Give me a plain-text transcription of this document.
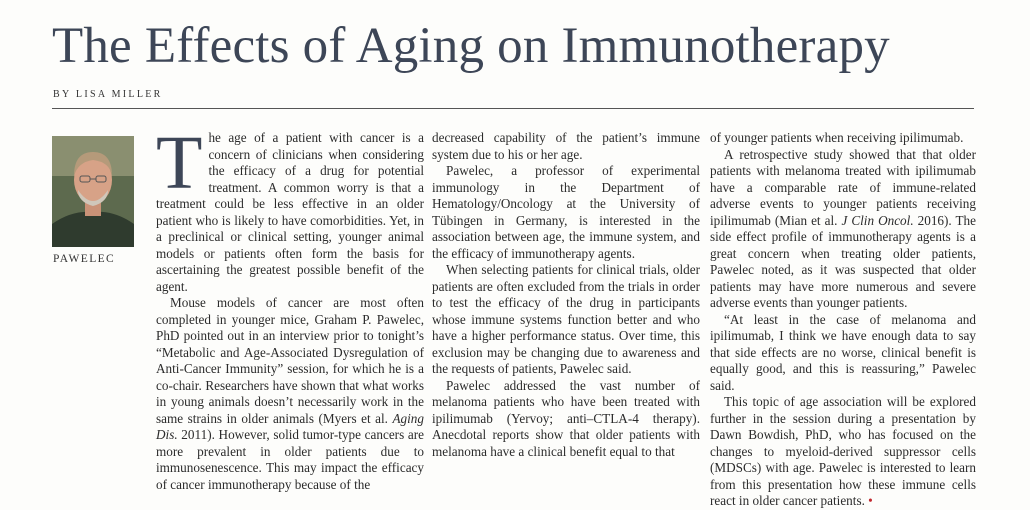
The Effects of Aging on Immunotherapy
BY LISA MILLER
PAWELEC

The age of a patient with cancer is a concern of clinicians when considering the efficacy of a drug for potential treatment. A common worry is that a treatment could be less effective in an older patient who is likely to have comorbidities. Yet, in a preclinical or clinical setting, younger animal models or patients often form the basis for ascertaining the greatest possible benefit of the agent.

Mouse models of cancer are most often completed in younger mice, Graham P. Pawelec, PhD pointed out in an interview prior to tonight’s “Metabolic and Age-Associated Dysregulation of Anti-Cancer Immunity” session, for which he is a co-chair. Researchers have shown that what works in young animals doesn’t necessarily work in the same strains in older animals (Myers et al. Aging Dis. 2011). However, solid tumor-type cancers are more prevalent in older patients due to immunosenescence. This may impact the efficacy of cancer immunotherapy because of the

decreased capability of the patient’s immune system due to his or her age.

Pawelec, a professor of experimental immunology in the Department of Hematology/Oncology at the University of Tübingen in Germany, is interested in the association between age, the immune system, and the efficacy of immunotherapy agents.

When selecting patients for clinical trials, older patients are often excluded from the trials in order to test the efficacy of the drug in participants whose immune systems function better and who have a higher performance status. Over time, this exclusion may be changing due to awareness and the requests of patients, Pawelec said.

Pawelec addressed the vast number of melanoma patients who have been treated with ipilimumab (Yervoy; anti–CTLA-4 therapy). Anecdotal reports show that older patients with melanoma have a clinical benefit equal to that

of younger patients when receiving ipilimumab.

A retrospective study showed that that older patients with melanoma treated with ipilimumab have a comparable rate of immune-related adverse events to younger patients receiving ipilimumab (Mian et al. J Clin Oncol. 2016). The side effect profile of immunotherapy agents is a great concern when treating older patients, Pawelec noted, as it was suspected that older patients may have more numerous and severe adverse events than younger patients.

“At least in the case of melanoma and ipilimumab, I think we have enough data to say that side effects are no worse, clinical benefit is equally good, and this is reassuring,” Pawelec said.

This topic of age association will be explored further in the session during a presentation by Dawn Bowdish, PhD, who has focused on the changes to myeloid-derived suppressor cells (MDSCs) with age. Pawelec is interested to learn from this presentation how these immune cells react in older cancer patients. •
